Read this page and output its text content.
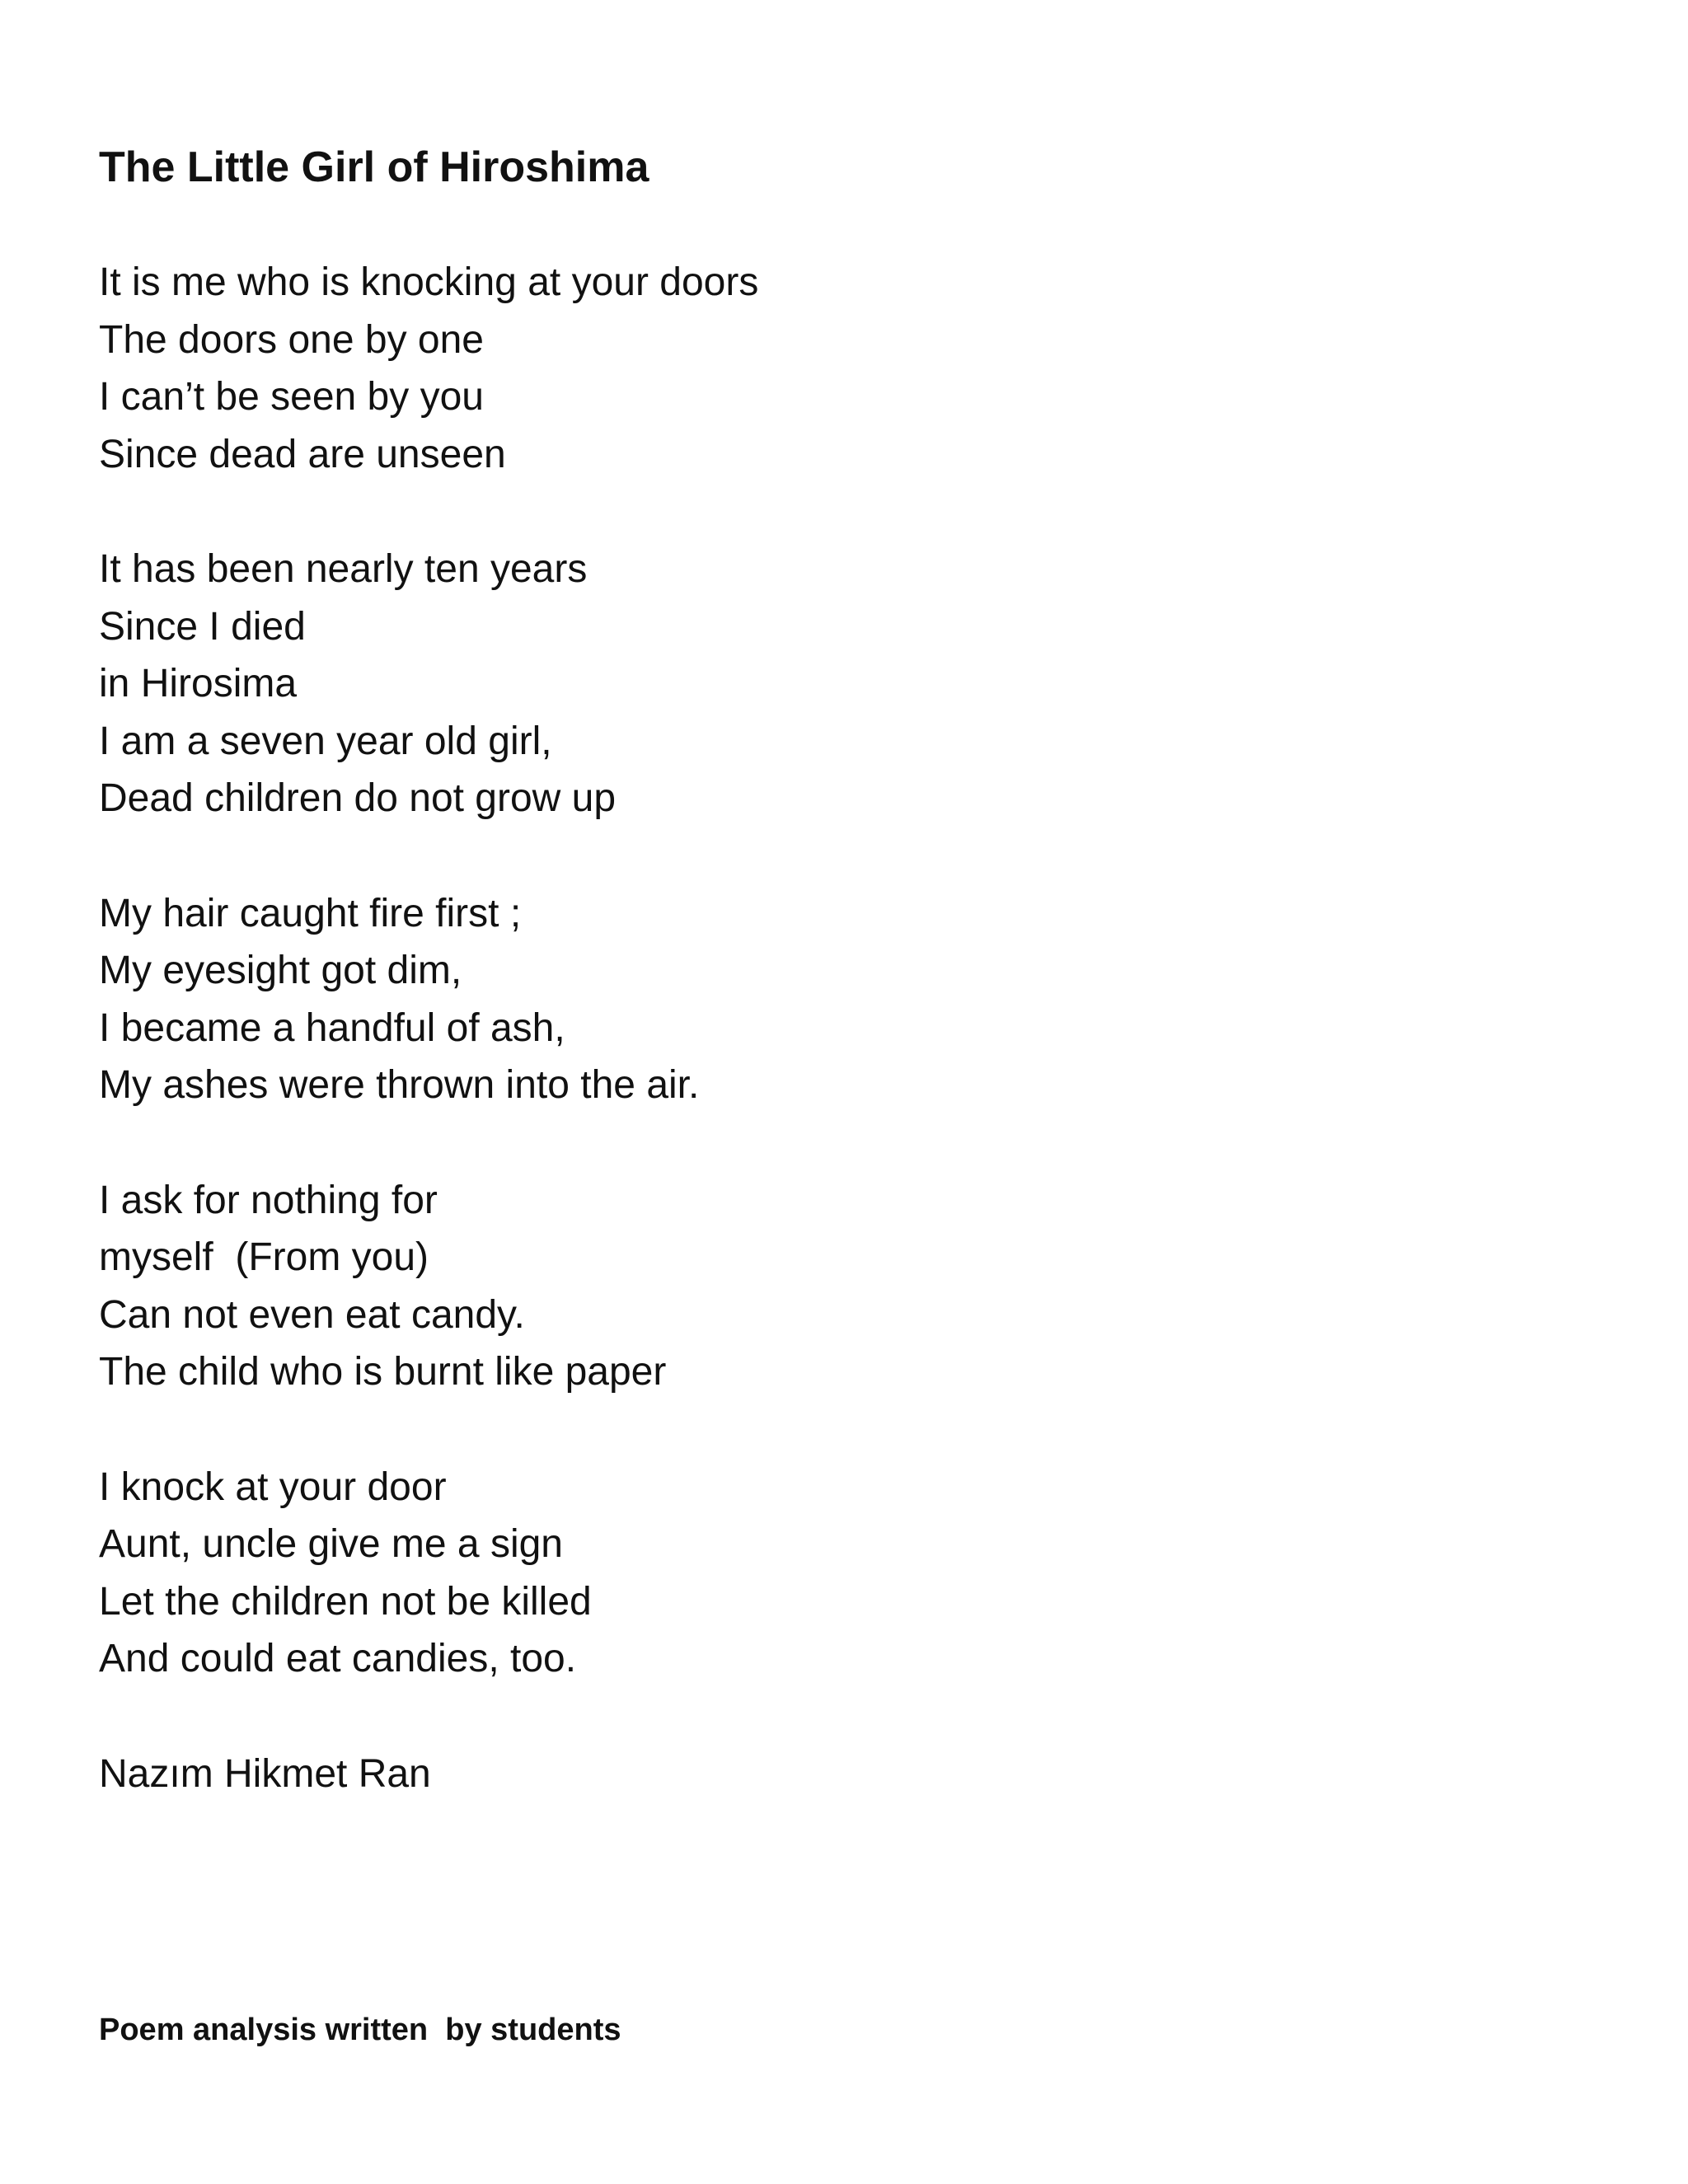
The Little Girl of Hiroshima

It is me who is knocking at your doors
The doors one by one
I can’t be seen by you
Since dead are unseen

It has been nearly ten years
Since I died
in Hirosima
I am a seven year old girl,
Dead children do not grow up

My hair caught fire first ;
My eyesight got dim,
I became a handful of ash,
My ashes were thrown into the air.

I ask for nothing for
myself  (From you)
Can not even eat candy.
The child who is burnt like paper

I knock at your door
Aunt, uncle give me a sign
Let the children not be killed
And could eat candies, too.

Nazım Hikmet Ran

Poem analysis written  by students
